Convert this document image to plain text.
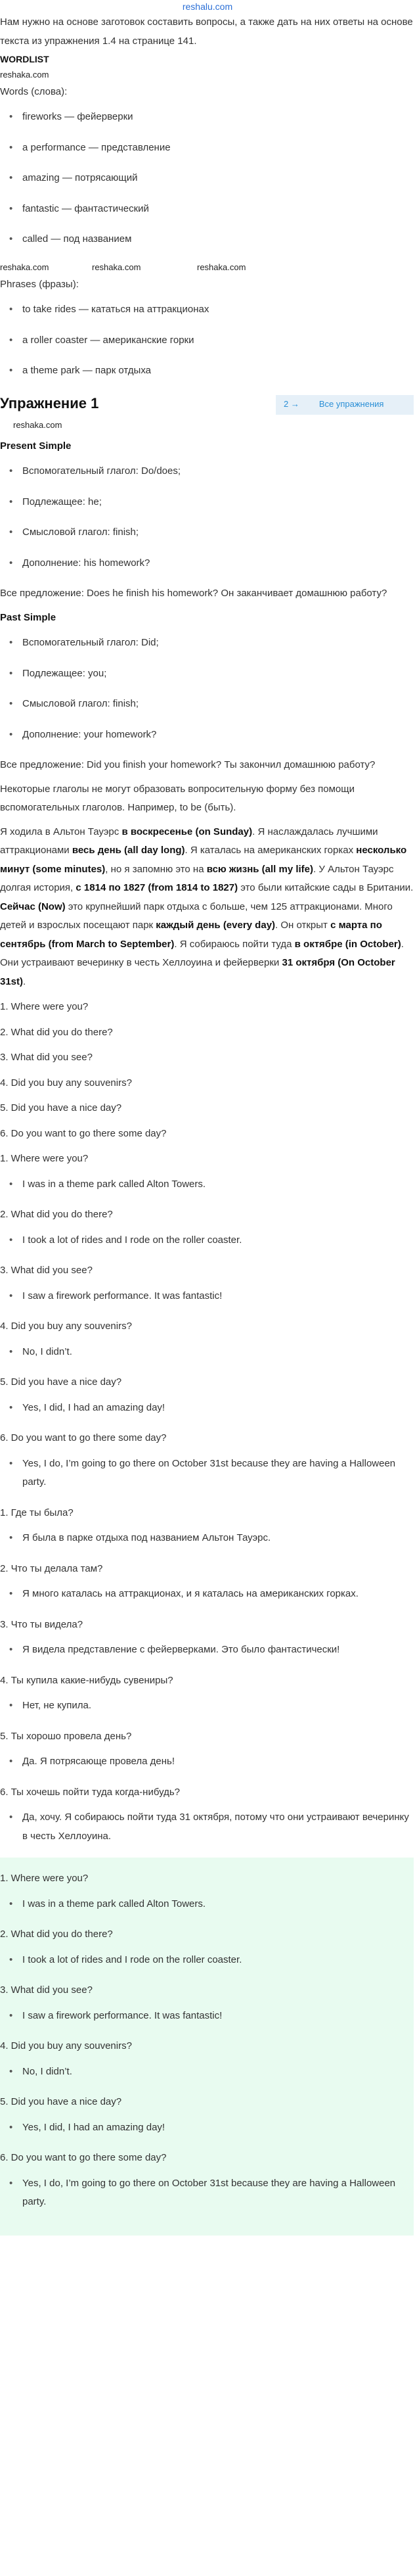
reshalu.com

Нам нужно на основе заготовок составить вопросы, а также дать на них ответы на основе текста из упражнения 1.4 на странице 141.

WORDLIST
reshaka.com

Words (слова):

• fireworks — фейерверки
• a performance — представление
• amazing — потрясающий
• fantastic — фантастический
• called — под названием
reshaka.com	reshaka.com	reshaka.com

Phrases (фразы):

• to take rides — кататься на аттракционах
• a roller coaster — американские горки
• a theme park — парк отдыха
Упражнение 1	2 → Все упражнения
reshaka.com
Present Simple
• Вспомогательный глагол: Do/does;
• Подлежащее: he;
• Смысловой глагол: finish;
• Дополнение: his homework?

Все предложение: Does he finish his homework? Он заканчивает домашнюю работу?

Past Simple
• Вспомогательный глагол: Did;
• Подлежащее: you;
• Смысловой глагол: finish;
• Дополнение: your homework?

Все предложение: Did you finish your homework? Ты закончил домашнюю работу?

Некоторые глаголы не могут образовать вопросительную форму без помощи вспомогательных глаголов. Например, to be (быть).

Я ходила в Альтон Тауэрс в воскресенье (on Sunday). Я наслаждалась лучшими аттракционами весь день (all day long). Я каталась на американских горках несколько минут (some minutes), но я запомню это на всю жизнь (all my life). У Альтон Тауэрс долгая история, с 1814 по 1827 (from 1814 to 1827) это были китайские сады в Британии. Сейчас (Now) это крупнейший парк отдыха с больше, чем 125 аттракционами. Много детей и взрослых посещают парк каждый день (every day). Он открыт с марта по сентябрь (from March to September). Я собираюсь пойти туда в октябре (in October). Они устраивают вечеринку в честь Хеллоуина и фейерверки 31 октября (On October 31st).

1. Where were you?

2. What did you do there?

3. What did you see?

4. Did you buy any souvenirs?

5. Did you have a nice day?

6. Do you want to go there some day?

1. Where were you?

• I was in a theme park called Alton Towers.

2. What did you do there?

• I took a lot of rides and I rode on the roller coaster.

3. What did you see?

• I saw a firework performance. It was fantastic!

4. Did you buy any souvenirs?

• No, I didn’t.

5. Did you have a nice day?

• Yes, I did, I had an amazing day!

6. Do you want to go there some day?

• Yes, I do, I’m going to go there on October 31st because they are having a Halloween party.

1. Где ты была?

• Я была в парке отдыха под названием Альтон Тауэрс.

2. Что ты делала там?

• Я много каталась на аттракционах, и я каталась на американских горках.

3. Что ты видела?

• Я видела представление с фейерверками. Это было фантастически!

4. Ты купила какие-нибудь сувениры?

• Нет, не купила.

5. Ты хорошо провела день?

• Да. Я потрясающе провела день!

6. Ты хочешь пойти туда когда-нибудь?

• Да, хочу. Я собираюсь пойти туда 31 октября, потому что они устраивают вечеринку в честь Хеллоуина.

1. Where were you?

• I was in a theme park called Alton Towers.

2. What did you do there?

• I took a lot of rides and I rode on the roller coaster.

3. What did you see?

• I saw a firework performance. It was fantastic!

4. Did you buy any souvenirs?

• No, I didn’t.

5. Did you have a nice day?

• Yes, I did, I had an amazing day!

6. Do you want to go there some day?

• Yes, I do, I’m going to go there on October 31st because they are having a Halloween party.
